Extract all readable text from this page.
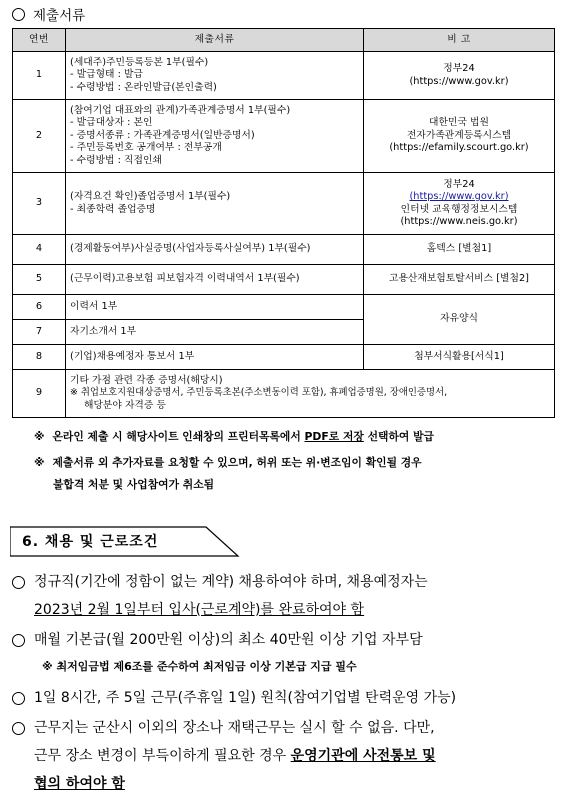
제출서류
연번	제출서류	비 고
1	(세대주)주민등록등본 1부(필수)
- 발급형태 : 발급
- 수령방법 : 온라인발급(본인출력)	정부24
(https://www.gov.kr)

2	(참여기업 대표와의 관계)가족관계증명서 1부(필수)
- 발급대상자 : 본인
- 증명서종류 : 가족관계증명서(일반증명서)
- 주민등록번호 공개여부 : 전부공개
- 수령방법 : 직접인쇄	대한민국 법원
전자가족관계등록시스템
(https://efamily.scourt.go.kr)

3	(자격요건 확인)졸업증명서 1부(필수)
- 최종학력 졸업증명	정부24
(https://www.gov.kr)
인터넷 교육행정정보시스템
(https://www.neis.go.kr)

4	(경제활동여부)사실증명(사업자등록사실여부) 1부(필수)	홈텍스 [별첨1]

5	(근무이력)고용보험 피보험자격 이력내역서 1부(필수)	고용산재보험토탈서비스 [별첨2]

6	이력서 1부	자유양식

7	자기소개서 1부	

8	(기업)채용예정자 통보서 1부	첨부서식활용[서식1]

9	기타 가점 관련 각종 증명서(해당시)
※ 취업보호지원대상증명서, 주민등록초본(주소변동이력 포함), 휴폐업증명원, 장애인증명서,
해당분야 자격증 등	
※ 온라인 제출 시 해당사이트 인쇄창의 프린터목록에서 PDF로 저장 선택하여 발급
※ 제출서류 외 추가자료를 요청할 수 있으며, 허위 또는 위·변조임이 확인될 경우
불합격 처분 및 사업참여가 취소됨
6. 채용 및 근로조건
정규직(기간에 정함이 없는 계약) 채용하여야 하며, 채용예정자는
2023년 2월 1일부터 입사(근로계약)를 완료하여야 함
매월 기본급(월 200만원 이상)의 최소 40만원 이상 기업 자부담
※ 최저임금법 제6조를 준수하여 최저임금 이상 기본급 지급 필수
1일 8시간, 주 5일 근무(주휴일 1일) 원칙(참여기업별 탄력운영 가능)
근무지는 군산시 이외의 장소나 재택근무는 실시 할 수 없음. 다만,
근무 장소 변경이 부득이하게 필요한 경우 운영기관에 사전통보 및
협의 하여야 함
